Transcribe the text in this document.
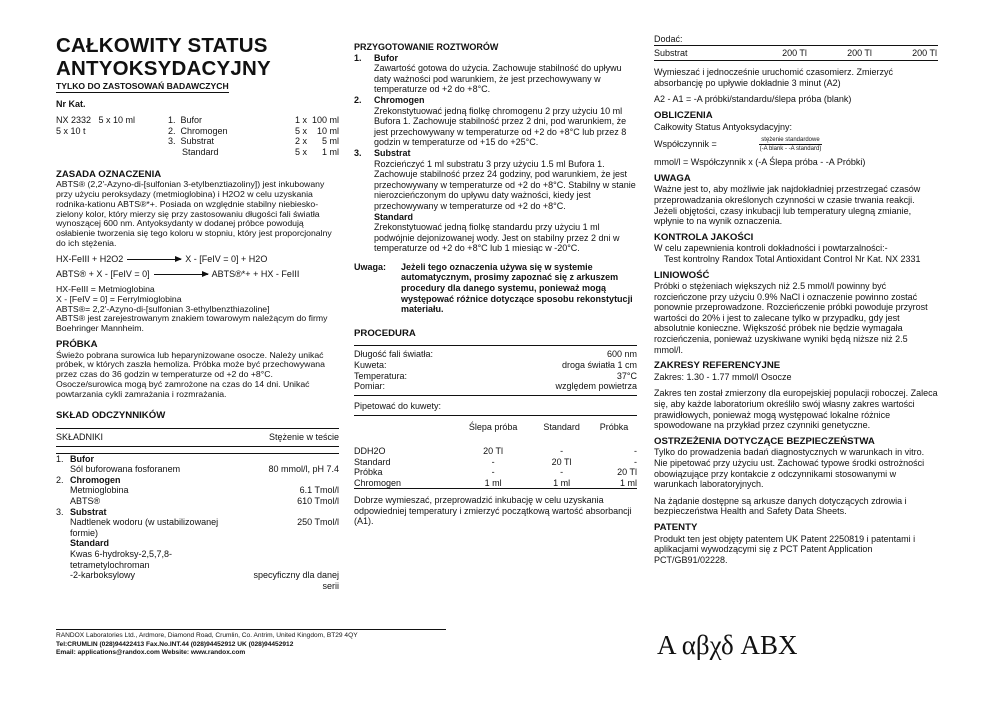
CAŁKOWITY STATUS
ANTYOKSYDACYJNY
TYLKO DO ZASTOSOWAŃ BADAWCZYCH
Nr Kat.
NX 2332   5 x 10 ml
5 x 10 t
1. Bufor	1 x  100 ml
2. Chromogen	5 x    10 ml
3. Substrat	2 x      5 ml
Standard	5 x      1 ml
ZASADA OZNACZENIA

ABTS® (2,2'-Azyno-di-[sulfonian 3-etylbenztiazoliny]) jest inkubowany przy użyciu peroksydazy (metmioglobina) i H2O2 w celu uzyskania rodnika-kationu ABTS®*+. Posiada on względnie stabilny niebiesko-zielony kolor, który mierzy się przy zastosowaniu długości fali światła wynoszącej 600 nm. Antyoksydanty w dodanej próbce powodują osłabienie tworzenia się tego koloru w stopniu, który jest proporcjonalny do ich stężenia.

HX-FeIII + H2O2	X - [FeIV = 0] + H2O
ABTS® + X - [FeIV = 0]	ABTS®*+ + HX - FeIII
HX-FeIII = Metmioglobina
X - [FeIV = 0] = Ferrylmioglobina
ABTS®= 2,2'-Azyno-di-[sulfonian 3-ethylbenzthiazoline]
ABTS® jest zarejestrowanym znakiem towarowym należącym do firmy Boehringer Mannheim.
PRÓBKA

Świeżo pobrana surowica lub heparynizowane osocze. Należy unikać próbek, w których zaszła hemoliza. Próbka może być przechowywana przez czas do 36 godzin w temperaturze od +2 do +8°C. Osocze/surowica mogą być zamrożone na czas do 14 dni. Unikać powtarzania cykli zamrażania i rozmrażania.

SKŁAD ODCZYNNIKÓW
SKŁADNIKI	Stężenie w teście
1.	Bufor	
	Sól buforowana fosforanem	80 mmol/l, pH 7.4
2.	Chromogen	
	Metmioglobina	6.1 Tmol/l
	ABTS®	610 Tmol/l
3.	Substrat	
	Nadtlenek wodoru (w ustabilizowanej formie)	250 Tmol/l
	Standard	
	Kwas 6-hydroksy-2,5,7,8-tetrametylochroman	
	-2-karboksylowy	specyficzny dla danej serii
PRZYGOTOWANIE ROZTWORÓW
1.	Bufor

Zawartość gotowa do użycia. Zachowuje stabilność do upływu daty ważności pod warunkiem, że jest przechowywany w temperaturze od +2 do +8°C.

2.	Chromogen

Zrekonstytuować jedną fiolkę chromogenu 2 przy użyciu 10 ml Bufora 1. Zachowuje stabilność przez 2 dni, pod warunkiem, że jest przechowywany w temperaturze od +2 do +8°C lub przez 8 godzin w temperaturze od +15 do +25°C.

3.	Substrat

Rozcieńczyć 1 ml substratu 3 przy użyciu 1.5 ml Bufora 1. Zachowuje stabilność przez 24 godziny, pod warunkiem, że jest przechowywany w temperaturze od +2 do +8°C. Stabilny w stanie nierozcieńczonym do upływu daty ważności, kiedy jest przechowywany w temperaturze od +2 do +8°C.

Standard

Zrekonstytuować jedną fiolkę standardu przy użyciu 1 ml podwójnie dejonizowanej wody. Jest on stabilny przez 2 dni w temperaturze od +2 do +8°C lub 1 miesiąc w -20°C.

Uwaga:	Jeżeli tego oznaczenia używa się w systemie automatycznym, prosimy zapoznać się z arkuszem procedury dla danego systemu, ponieważ mogą występować różnice dotyczące sposobu rekonstytucji materiału.
PROCEDURA
Długość fali światła:	600 nm
Kuweta:	droga światła 1 cm
Temperatura:	37°C
Pomiar:	względem powietrza
Pipetować do kuwety:
	Ślepa próba	Standard	Próbka
DDH2O	20 Tl	-	-
Standard	-	20 Tl	-
Próbka	-	-	20 Tl
Chromogen	1 ml	1 ml	1 ml

Dobrze wymieszać, przeprowadzić inkubację w celu uzyskania odpowiedniej temperatury i zmierzyć początkową wartość absorbancji (A1).

Dodać:
Substrat	200 Tl	200 Tl	200 Tl

Wymieszać i jednocześnie uruchomić czasomierz. Zmierzyć absorbancję po upływie dokładnie 3 minut (A2)

A2 - A1 = -A próbki/standardu/ślepa próba (blank)

OBLICZENIA
Całkowity Status Antyoksydacyjny:
Współczynnik =	$\frac{\text{stężenie standardowe}}{\text{(-A blank - -A standard)}}$
mmol/l = Współczynnik x (-A Ślepa próba - -A Próbki)
UWAGA

Ważne jest to, aby możliwie jak najdokładniej przestrzegać czasów przeprowadzania określonych czynności w czasie trwania reakcji. Jeżeli objętości, czasy inkubacji lub temperatury ulegną zmianie, wpłynie to na wynik oznaczenia.

KONTROLA JAKOŚCI

W celu zapewnienia kontroli dokładności i powtarzalności:-

Test kontrolny Randox Total Antioxidant Control Nr Kat. NX 2331

LINIOWOŚĆ

Próbki o stężeniach większych niż 2.5 mmol/l powinny być rozcieńczone przy użyciu 0.9% NaCl i oznaczenie powinno zostać ponownie przeprowadzone. Rozcieńczenie próbki powoduje przyrost wartości do 20% i jest to zalecane tylko w przypadku, gdy jest absolutnie konieczne. Większość próbek nie będzie wymagała rozcieńczenia, ponieważ uzyskiwane wyniki będą niższe niż 2.5 mmol/l.

ZAKRESY REFERENCYJNE

Zakres: 1.30 - 1.77 mmol/l Osocze

Zakres ten został zmierzony dla europejskiej populacji roboczej. Zaleca się, aby każde laboratorium określiło swój własny zakres wartości prawidłowych, ponieważ mogą występować lokalne różnice spowodowane na przykład przez czynniki genetyczne.

OSTRZEŻENIA DOTYCZĄCE BEZPIECZEŃSTWA

Tylko do prowadzenia badań diagnostycznych w warunkach in vitro. Nie pipetować przy użyciu ust. Zachować typowe środki ostrożności obowiązujące przy kontakcie z odczynnikami stosowanymi w warunkach laboratoryjnych.

Na żądanie dostępne są arkusze danych dotyczących zdrowia i bezpieczeństwa Health and Safety Data Sheets.

PATENTY

Produkt ten jest objęty patentem UK Patent 2250819 i patentami i aplikacjami wywodzącymi się z PCT Patent Application PCT/GB91/02228.

RANDOX Laboratories Ltd., Ardmore, Diamond Road, Crumlin, Co. Antrim, United Kingdom, BT29 4QY
Tel:CRUMLIN (028)94422413 Fax.No.INT.44 (028)94452912 UK (028)94452912
Email: applications@randox.com Website: www.randox.com	A αβχδ ABX
